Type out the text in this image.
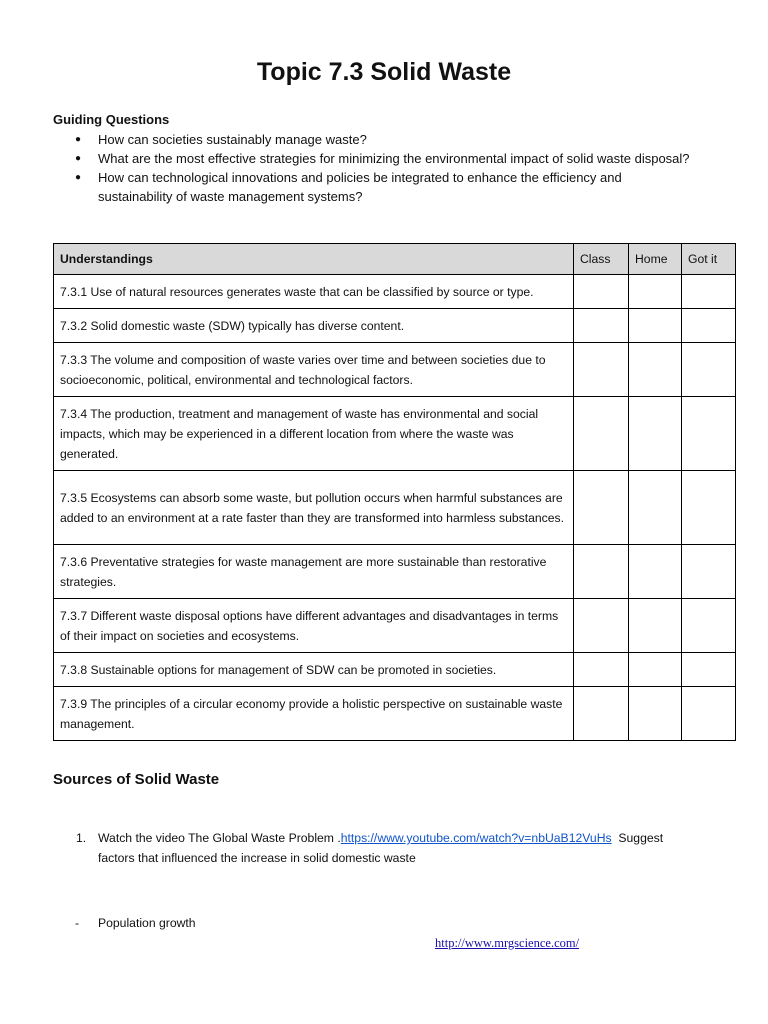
Topic 7.3 Solid Waste
Guiding Questions
● How can societies sustainably manage waste?
● What are the most effective strategies for minimizing the environmental impact of solid waste disposal?
● How can technological innovations and policies be integrated to enhance the efficiency and sustainability of waste management systems?
Understandings	Class	Home	Got it
7.3.1 Use of natural resources generates waste that can be classified by source or type.			
7.3.2 Solid domestic waste (SDW) typically has diverse content.			
7.3.3 The volume and composition of waste varies over time and between societies due to socioeconomic, political, environmental and technological factors.			
7.3.4 The production, treatment and management of waste has environmental and social impacts, which may be experienced in a different location from where the waste was generated.			
7.3.5 Ecosystems can absorb some waste, but pollution occurs when harmful substances are added to an environment at a rate faster than they are transformed into harmless substances.			
7.3.6 Preventative strategies for waste management are more sustainable than restorative strategies.			
7.3.7 Different waste disposal options have different advantages and disadvantages in terms of their impact on societies and ecosystems.			
7.3.8 Sustainable options for management of SDW can be promoted in societies.			
7.3.9 The principles of a circular economy provide a holistic perspective on sustainable waste management.			
Sources of Solid Waste
1. Watch the video The Global Waste Problem .https://www.youtube.com/watch?v=nbUaB12VuHs  Suggest factors that influenced the increase in solid domestic waste
- Population growth
http://www.mrgscience.com/
